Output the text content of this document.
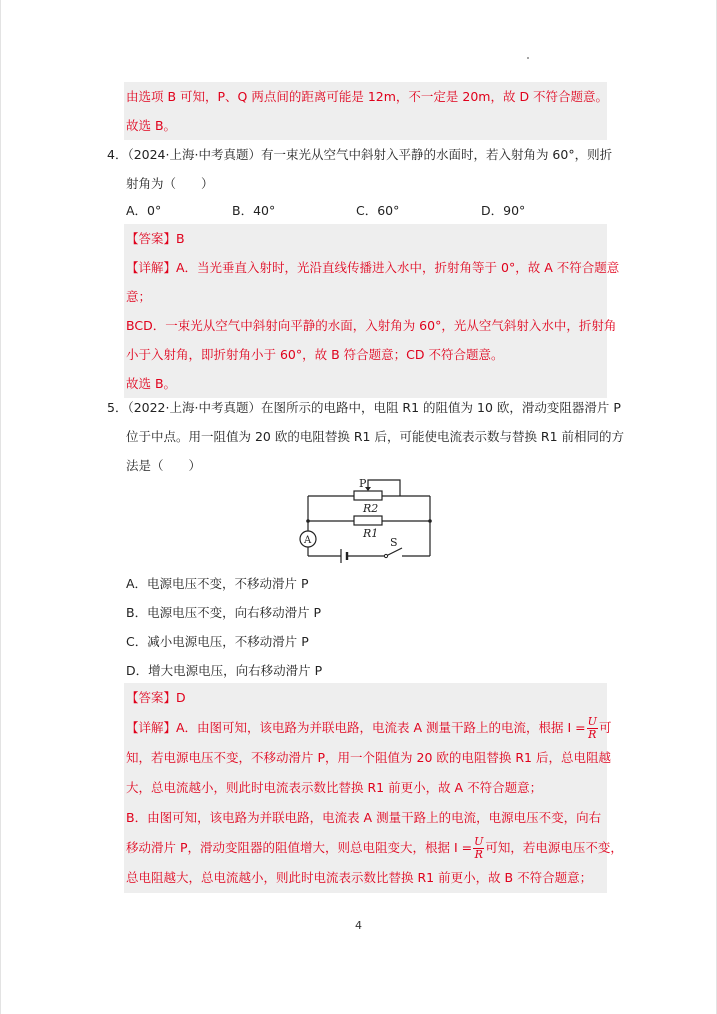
由选项 B 可知，P、Q 两点间的距离可能是 12m，不一定是 20m，故 D 不符合题意。

故选 B。

4．（2024·上海·中考真题）有一束光从空气中斜射入平静的水面时，若入射角为 60°，则折

射角为（　　）

A．0°	B．40°	C．60°	D．90°

【答案】B

【详解】A．当光垂直入射时，光沿直线传播进入水中，折射角等于 0°，故 A 不符合题意

意；

BCD．一束光从空气中斜射向平静的水面，入射角为 60°，光从空气斜射入水中，折射角

小于入射角，即折射角小于 60°，故 B 符合题意；CD 不符合题意。

故选 B。

5．（2022·上海·中考真题）在图所示的电路中，电阻 R1 的阻值为 10 欧，滑动变阻器滑片 P

位于中点。用一阻值为 20 欧的电阻替换 R1 后，可能使电流表示数与替换 R1 前相同的方

法是（　　）

P
R2
R1
A	S
A．电源电压不变，不移动滑片 P
B．电源电压不变，向右移动滑片 P
C．减小电源电压，不移动滑片 P
D．增大电源电压，向右移动滑片 P

【答案】D

【详解】A．由图可知，该电路为并联电路，电流表 A 测量干路上的电流，根据 $I = \frac{U}{R}$ 可

知，若电源电压不变，不移动滑片 P，用一个阻值为 20 欧的电阻替换 R1 后，总电阻越

大，总电流越小，则此时电流表示数比替换 R1 前更小，故 A 不符合题意；

B．由图可知，该电路为并联电路，电流表 A 测量干路上的电流，电源电压不变，向右

移动滑片 P，滑动变阻器的阻值增大，则总电阻变大，根据 $I = \frac{U}{R}$ 可知，若电源电压不变，

总电阻越大，总电流越小，则此时电流表示数比替换 R1 前更小，故 B 不符合题意；

4
